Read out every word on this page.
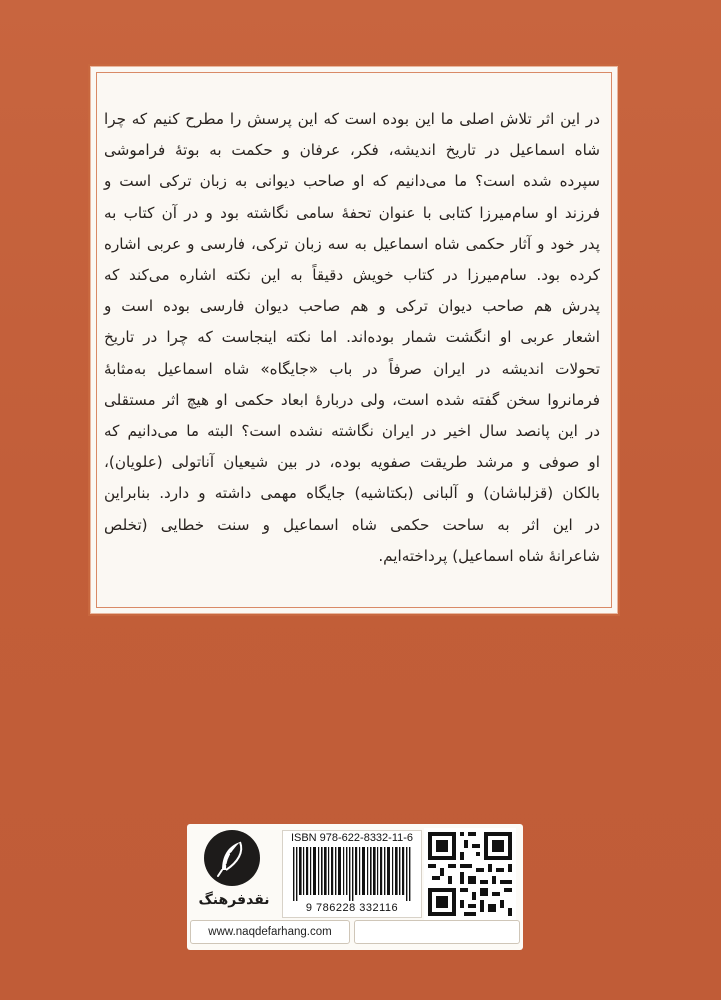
در این اثر تلاش اصلی ما این بوده است که این پرسش را مطرح کنیم که چرا
شاه اسماعیل در تاریخ اندیشه، فکر، عرفان و حکمت به بوتهٔ فراموشی
سپرده شده است؟ ما می‌دانیم که او صاحب دیوانی به زبان ترکی است و
فرزند او سام‌میرزا کتابی با عنوان تحفهٔ سامی نگاشته بود و در آن کتاب به
پدر خود و آثار حکمی شاه اسماعیل به سه زبان ترکی، فارسی و عربی اشاره
کرده بود. سام‌میرزا در کتاب خویش دقیقاً به این نکته اشاره می‌کند که
پدرش هم صاحب دیوان ترکی و هم صاحب دیوان فارسی بوده است و
اشعار عربی او انگشت شمار بوده‌اند. اما نکته اینجاست که چرا در تاریخ
تحولات اندیشه در ایران صرفاً در باب «جایگاه» شاه اسماعیل به‌مثابهٔ
فرمانروا سخن گفته شده است، ولی دربارهٔ ابعاد حکمی او هیچ اثر مستقلی
در این پانصد سال اخیر در ایران نگاشته نشده است؟ البته ما می‌دانیم که
او صوفی و مرشد طریقت صفویه بوده، در بین شیعیان آناتولی (علویان)،
بالکان (قزلباشان) و آلبانی (بکتاشیه) جایگاه مهمی داشته و دارد. بنابراین
در این اثر به ساحت حکمی شاه اسماعیل و سنت خطایی (تخلص
شاعرانهٔ شاه اسماعیل) پرداخته‌ایم.

نقدفرهنگ
ISBN 978-622-8332-11-6
9 786228 332116
www.naqdefarhang.com
